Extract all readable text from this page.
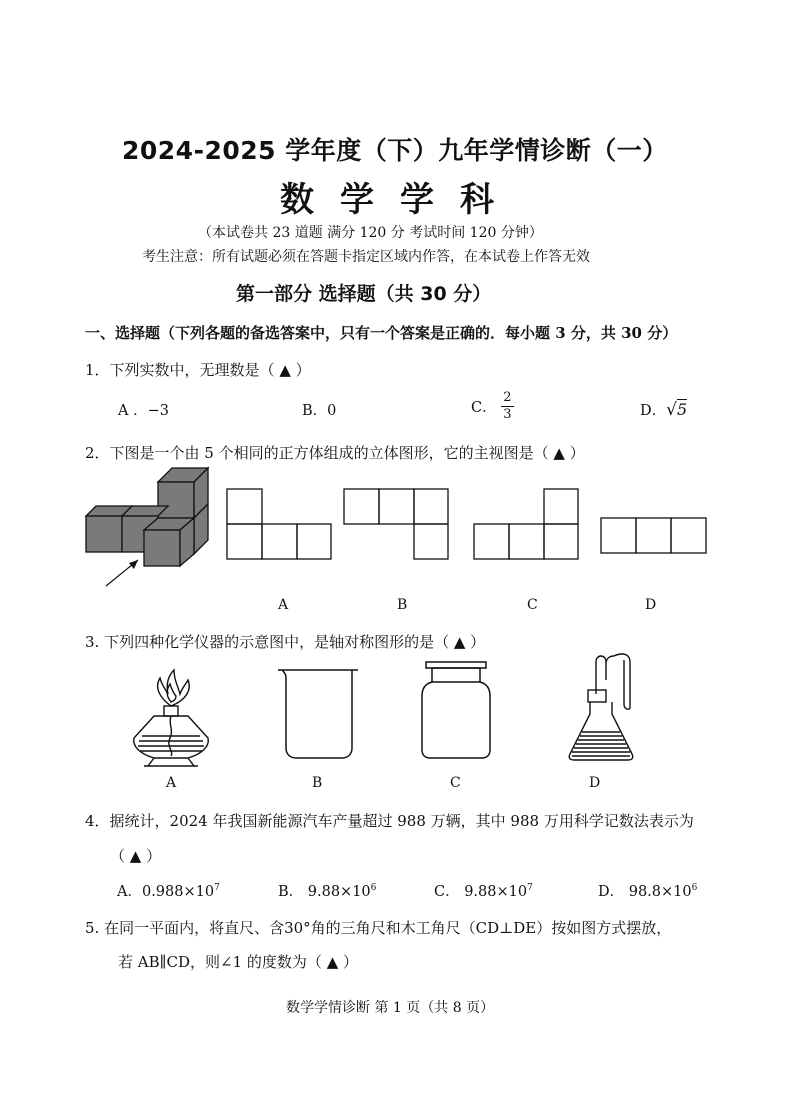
2024-2025 学年度（下）九年学情诊断（一）
数学学科
（本试卷共 23 道题 满分 120 分 考试时间 120 分钟）
考生注意：所有试题必须在答题卡指定区域内作答，在本试卷上作答无效
第一部分 选择题（共 30 分）
一、选择题（下列各题的备选答案中，只有一个答案是正确的．每小题 3 分，共 30 分）
1．下列实数中，无理数是（ ▲ ）
A ．−3	B．0	C． $\frac{2}{3}$	D．√5
2．下图是一个由 5 个相同的正方体组成的立体图形，它的主视图是（ ▲ ）
A	B	C	D
3. 下列四种化学仪器的示意图中，是轴对称图形的是（ ▲ ）
A	B	C	D
4．据统计，2024 年我国新能源汽车产量超过 988 万辆，其中 988 万用科学记数法表示为
（ ▲ ）
A．$0.988\times 10^7$	B． $9.88\times 10^6$	C． $9.88\times 10^7$	D． $98.8\times 10^6$
5. 在同一平面内，将直尺、含30°角的三角尺和木工角尺（CD⊥DE）按如图方式摆放，
若 AB∥CD，则∠1 的度数为（ ▲ ）
数学学情诊断 第 1 页（共 8 页）
